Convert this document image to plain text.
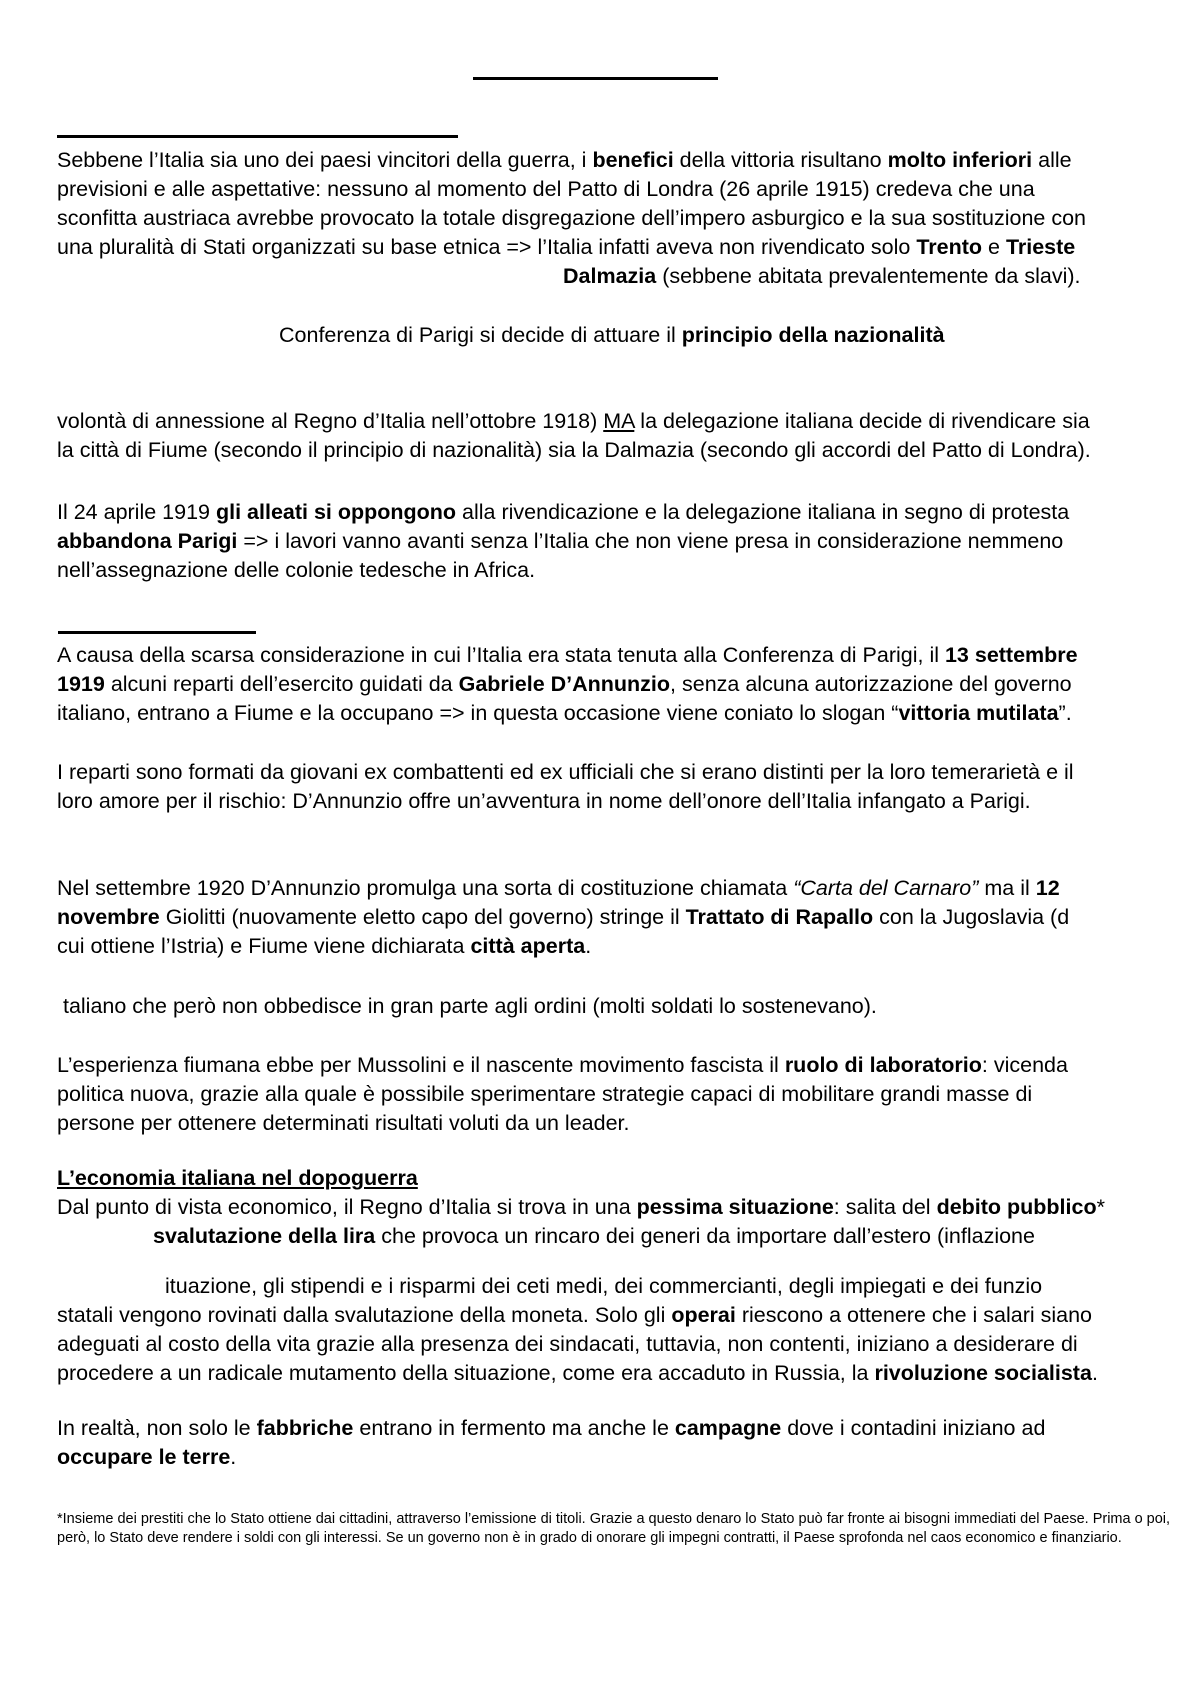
Sebbene l’Italia sia uno dei paesi vincitori della guerra, i benefici della vittoria risultano molto inferiori alle
previsioni e alle aspettative: nessuno al momento del Patto di Londra (26 aprile 1915) credeva che una
sconfitta austriaca avrebbe provocato la totale disgregazione dell’impero asburgico e la sua sostituzione con
una pluralità di Stati organizzati su base etnica => l’Italia infatti aveva non rivendicato solo Trento e Trieste
Dalmazia (sebbene abitata prevalentemente da slavi).
Conferenza di Parigi si decide di attuare il principio della nazionalità
volontà di annessione al Regno d’Italia nell’ottobre 1918) MA la delegazione italiana decide di rivendicare sia
la città di Fiume (secondo il principio di nazionalità) sia la Dalmazia (secondo gli accordi del Patto di Londra).
Il 24 aprile 1919 gli alleati si oppongono alla rivendicazione e la delegazione italiana in segno di protesta
abbandona Parigi => i lavori vanno avanti senza l’Italia che non viene presa in considerazione nemmeno
nell’assegnazione delle colonie tedesche in Africa.
A causa della scarsa considerazione in cui l’Italia era stata tenuta alla Conferenza di Parigi, il 13 settembre
1919 alcuni reparti dell’esercito guidati da Gabriele D’Annunzio, senza alcuna autorizzazione del governo
italiano, entrano a Fiume e la occupano => in questa occasione viene coniato lo slogan “vittoria mutilata”.
I reparti sono formati da giovani ex combattenti ed ex ufficiali che si erano distinti per la loro temerarietà e il
loro amore per il rischio: D’Annunzio offre un’avventura in nome dell’onore dell’Italia infangato a Parigi.
Nel settembre 1920 D’Annunzio promulga una sorta di costituzione chiamata “Carta del Carnaro” ma il 12
novembre Giolitti (nuovamente eletto capo del governo) stringe il Trattato di Rapallo con la Jugoslavia (d
cui ottiene l’Istria) e Fiume viene dichiarata città aperta.
taliano che però non obbedisce in gran parte agli ordini (molti soldati lo sostenevano).
L’esperienza fiumana ebbe per Mussolini e il nascente movimento fascista il ruolo di laboratorio: vicenda
politica nuova, grazie alla quale è possibile sperimentare strategie capaci di mobilitare grandi masse di
persone per ottenere determinati risultati voluti da un leader.
L’economia italiana nel dopoguerra
Dal punto di vista economico, il Regno d’Italia si trova in una pessima situazione: salita del debito pubblico*
svalutazione della lira che provoca un rincaro dei generi da importare dall’estero (inflazione
ituazione, gli stipendi e i risparmi dei ceti medi, dei commercianti, degli impiegati e dei funzio
statali vengono rovinati dalla svalutazione della moneta. Solo gli operai riescono a ottenere che i salari siano
adeguati al costo della vita grazie alla presenza dei sindacati, tuttavia, non contenti, iniziano a desiderare di
procedere a un radicale mutamento della situazione, come era accaduto in Russia, la rivoluzione socialista.
In realtà, non solo le fabbriche entrano in fermento ma anche le campagne dove i contadini iniziano ad
occupare le terre.
*Insieme dei prestiti che lo Stato ottiene dai cittadini, attraverso l’emissione di titoli. Grazie a questo denaro lo Stato può far fronte ai bisogni immediati del Paese. Prima o poi,
però, lo Stato deve rendere i soldi con gli interessi. Se un governo non è in grado di onorare gli impegni contratti, il Paese sprofonda nel caos economico e finanziario.
